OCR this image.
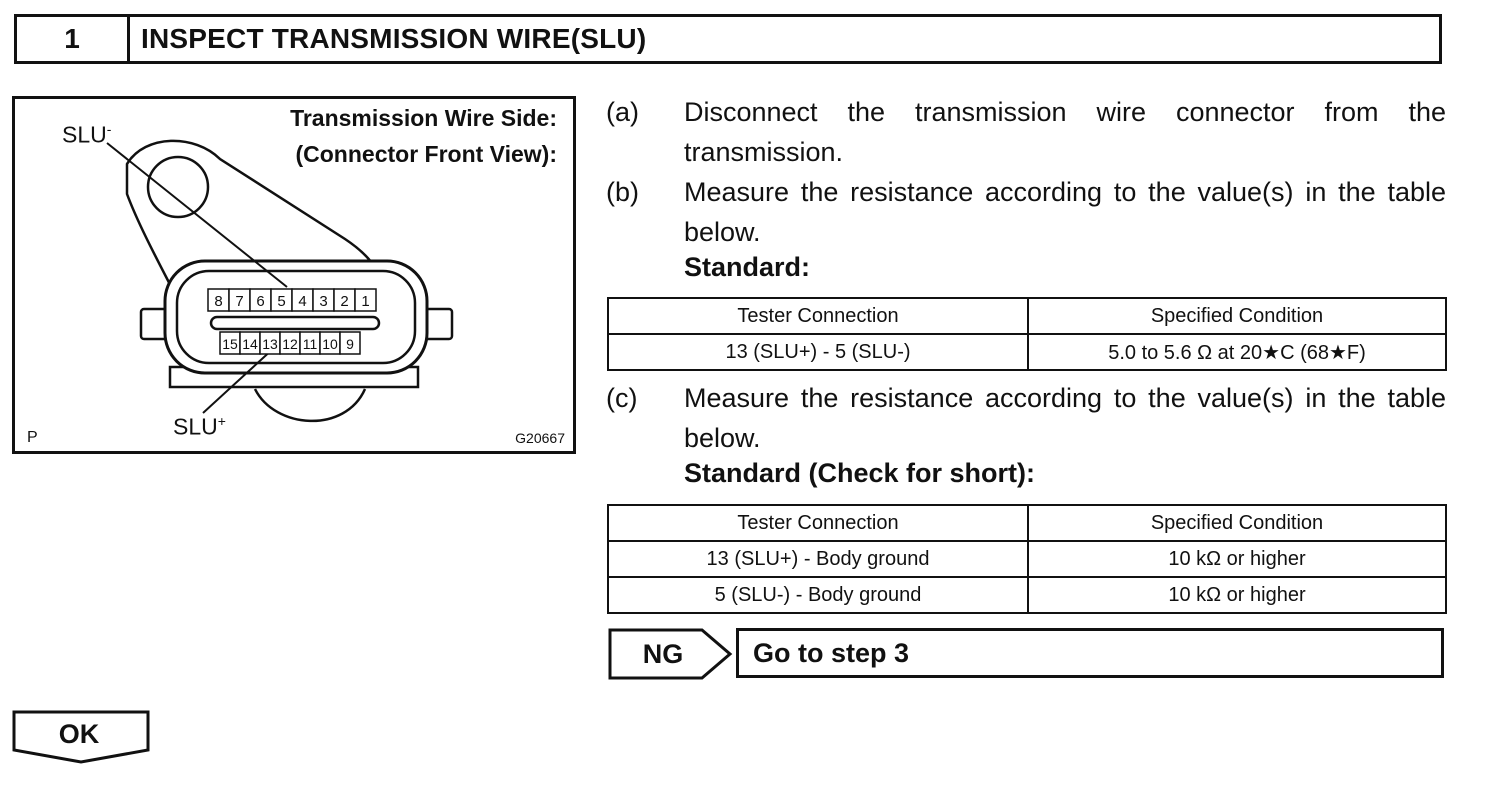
1	INSPECT TRANSMISSION WIRE(SLU)
8 7 6 5 4 3 2 1
15 14 13 12 11 10 9
Transmission Wire Side:
(Connector Front View):
SLU-
SLU+
P	G20667
(a) Disconnect the transmission wire connector from the transmission.
(b) Measure the resistance according to the value(s) in the table below.
Standard:
Tester Connection	Specified Condition
13 (SLU+) - 5 (SLU-)	5.0 to 5.6 Ω at 20★C (68★F)
(c) Measure the resistance according to the value(s) in the table below.
Standard (Check for short):
Tester Connection	Specified Condition
13 (SLU+) - Body ground	10 kΩ or higher
5 (SLU-) - Body ground	10 kΩ or higher
NG	Go to step 3
OK
